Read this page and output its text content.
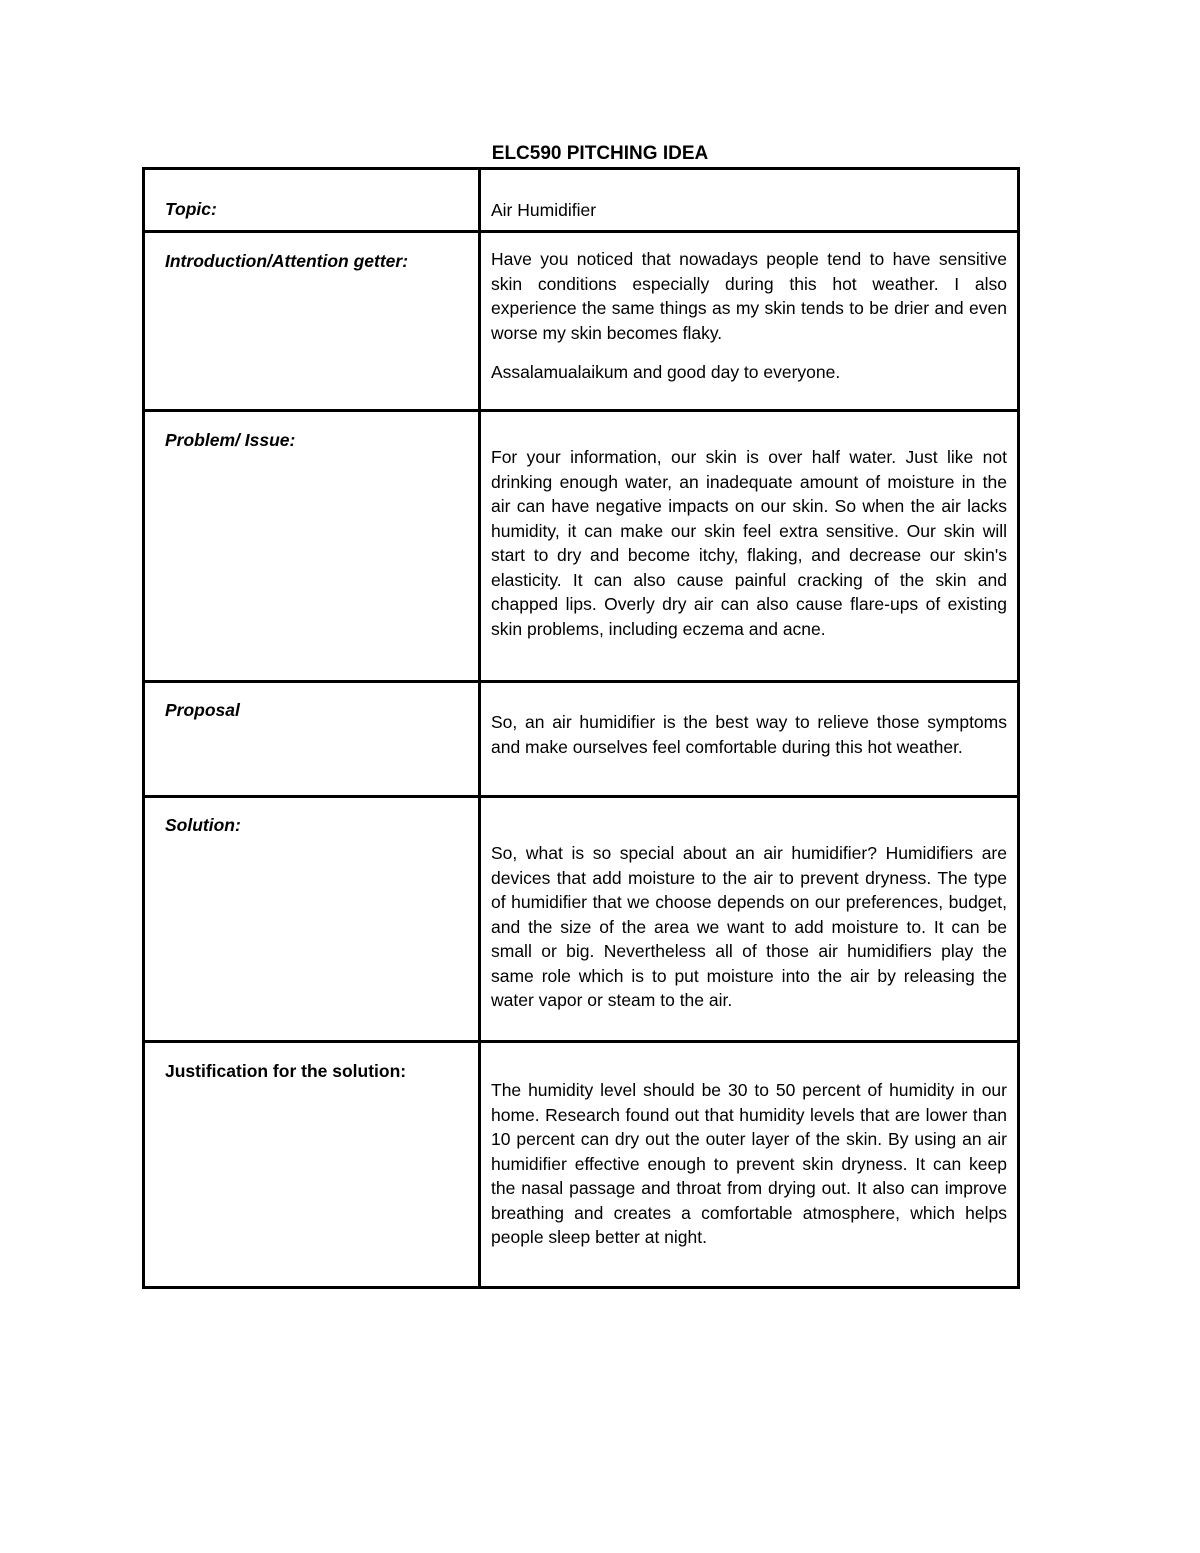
ELC590 PITCHING IDEA
Topic:	Air Humidifier

Introduction/Attention getter:	Have you noticed that nowadays people tend to have sensitive skin conditions especially during this hot weather. I also experience the same things as my skin tends to be drier and even worse my skin becomes flaky.
Assalamualaikum and good day to everyone.

Problem/ Issue:	For your information, our skin is over half water. Just like not drinking enough water, an inadequate amount of moisture in the air can have negative impacts on our skin. So when the air lacks humidity, it can make our skin feel extra sensitive. Our skin will start to dry and become itchy, flaking, and decrease our skin's elasticity. It can also cause painful cracking of the skin and chapped lips. Overly dry air can also cause flare-ups of existing skin problems, including eczema and acne.

Proposal	So, an air humidifier is the best way to relieve those symptoms and make ourselves feel comfortable during this hot weather.

Solution:	So, what is so special about an air humidifier? Humidifiers are devices that add moisture to the air to prevent dryness. The type of humidifier that we choose depends on our preferences, budget, and the size of the area we want to add moisture to. It can be small or big. Nevertheless all of those air humidifiers play the same role which is to put moisture into the air by releasing the water vapor or steam to the air.

Justification for the solution:	The humidity level should be 30 to 50 percent of humidity in our home. Research found out that humidity levels that are lower than 10 percent can dry out the outer layer of the skin. By using an air humidifier effective enough to prevent skin dryness. It can keep the nasal passage and throat from drying out. It also can improve breathing and creates a comfortable atmosphere, which helps people sleep better at night.
